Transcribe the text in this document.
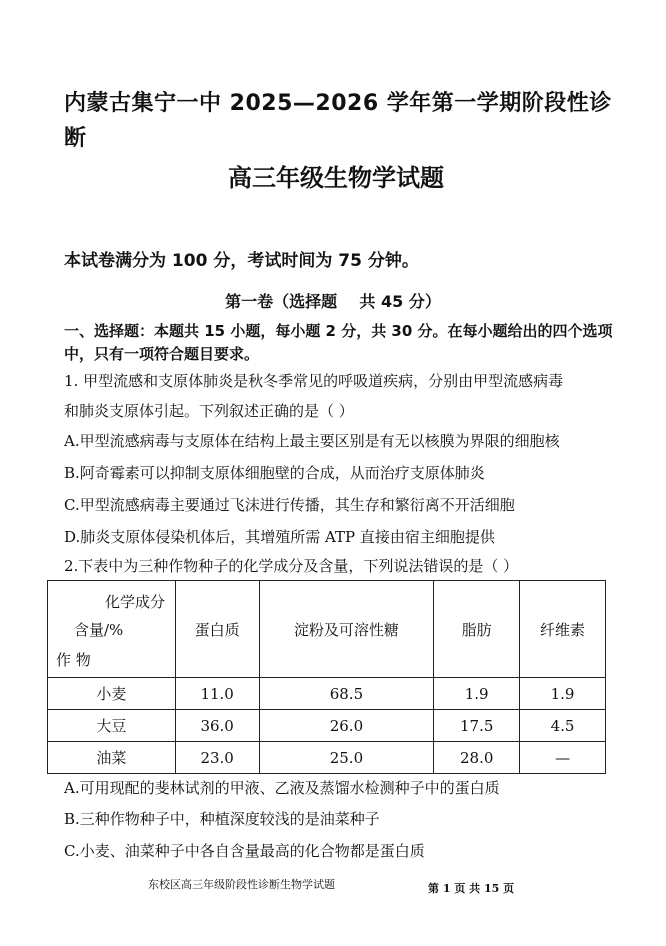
内蒙古集宁一中 2025—2026 学年第一学期阶段性诊
断
高三年级生物学试题
本试卷满分为 100 分，考试时间为 75 分钟。
第一卷（选择题    共 45 分）
一、选择题：本题共 15 小题，每小题 2 分，共 30 分。在每小题给出的四个选项中，只有一项符合题目要求。
1. 甲型流感和支原体肺炎是秋冬季常见的呼吸道疾病，分别由甲型流感病毒
和肺炎支原体引起。下列叙述正确的是（ ）
A.甲型流感病毒与支原体在结构上最主要区别是有无以核膜为界限的细胞核
B.阿奇霉素可以抑制支原体细胞壁的合成，从而治疗支原体肺炎
C.甲型流感病毒主要通过飞沫进行传播，其生存和繁衍离不开活细胞
D.肺炎支原体侵染机体后，其增殖所需 ATP 直接由宿主细胞提供
2.下表中为三种作物种子的化学成分及含量，下列说法错误的是（ ）
化学成分
含量/%
作 物	蛋白质	淀粉及可溶性糖	脂肪	纤维素
小麦	11.0	68.5	1.9	1.9
大豆	36.0	26.0	17.5	4.5
油菜	23.0	25.0	28.0	—
A.可用现配的斐林试剂的甲液、乙液及蒸馏水检测种子中的蛋白质
B.三种作物种子中，种植深度较浅的是油菜种子
C.小麦、油菜种子中各自含量最高的化合物都是蛋白质
东校区高三年级阶段性诊断生物学试题	第 1 页 共 15 页
